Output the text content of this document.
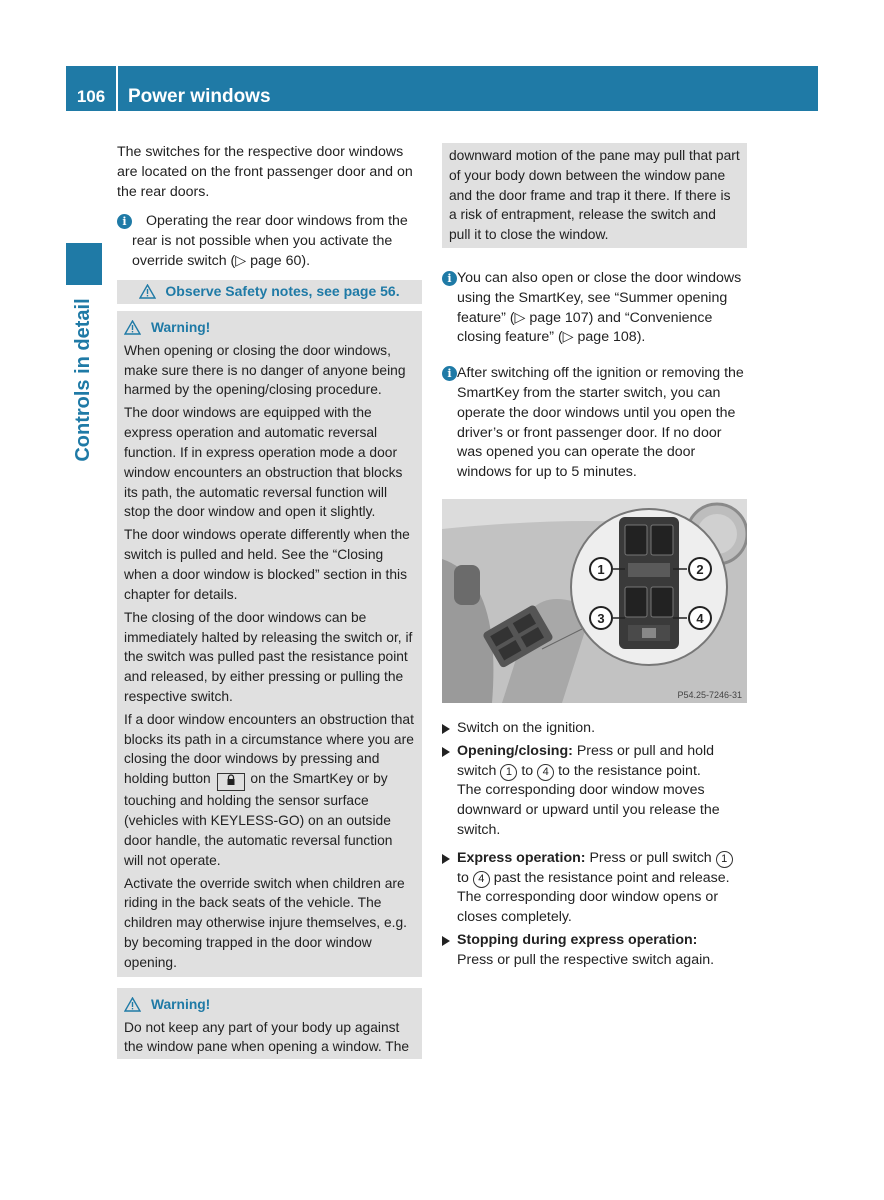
106	Power windows
Controls in detail

The switches for the respective door windows are located on the front passenger door and on the rear doors.

i	Operating the rear door windows from the rear is not possible when you activate the override switch (▷ page 60).

Observe Safety notes, see page 56.
Warning!

When opening or closing the door windows, make sure there is no danger of anyone being harmed by the opening/closing procedure.

The door windows are equipped with the express operation and automatic reversal function. If in express operation mode a door window encounters an obstruction that blocks its path, the automatic reversal function will stop the door window and open it slightly.

The door windows operate differently when the switch is pulled and held. See the “Closing when a door window is blocked” section in this chapter for details.

The closing of the door windows can be immediately halted by releasing the switch or, if the switch was pulled past the resistance point and released, by either pressing or pulling the respective switch.

If a door window encounters an obstruction that blocks its path in a circumstance where you are closing the door windows by pressing and holding button	on the SmartKey or by touching and holding the sensor surface (vehicles with KEYLESS-GO) on an outside door handle, the automatic reversal function will not operate.

Activate the override switch when children are riding in the back seats of the vehicle. The children may otherwise injure themselves, e.g. by becoming trapped in the door window opening.

Warning!

Do not keep any part of your body up against the window pane when opening a window. The

downward motion of the pane may pull that part of your body down between the window pane and the door frame and trap it there. If there is a risk of entrapment, release the switch and pull it to close the window.

i You can also open or close the door windows using the SmartKey, see “Summer opening feature” (▷ page 107) and “Convenience closing feature” (▷ page 108).

i After switching off the ignition or removing the SmartKey from the starter switch, you can operate the door windows until you open the driver’s or front passenger door. If no door was opened you can operate the door windows for up to 5 minutes.

1	2
3	4
P54.25-7246-31
Switch on the ignition.
Opening/closing: Press or pull and hold switch 1 to 4 to the resistance point.
The corresponding door window moves downward or upward until you release the switch.
Express operation: Press or pull switch 1 to 4 past the resistance point and release.
The corresponding door window opens or closes completely.
Stopping during express operation:
Press or pull the respective switch again.
